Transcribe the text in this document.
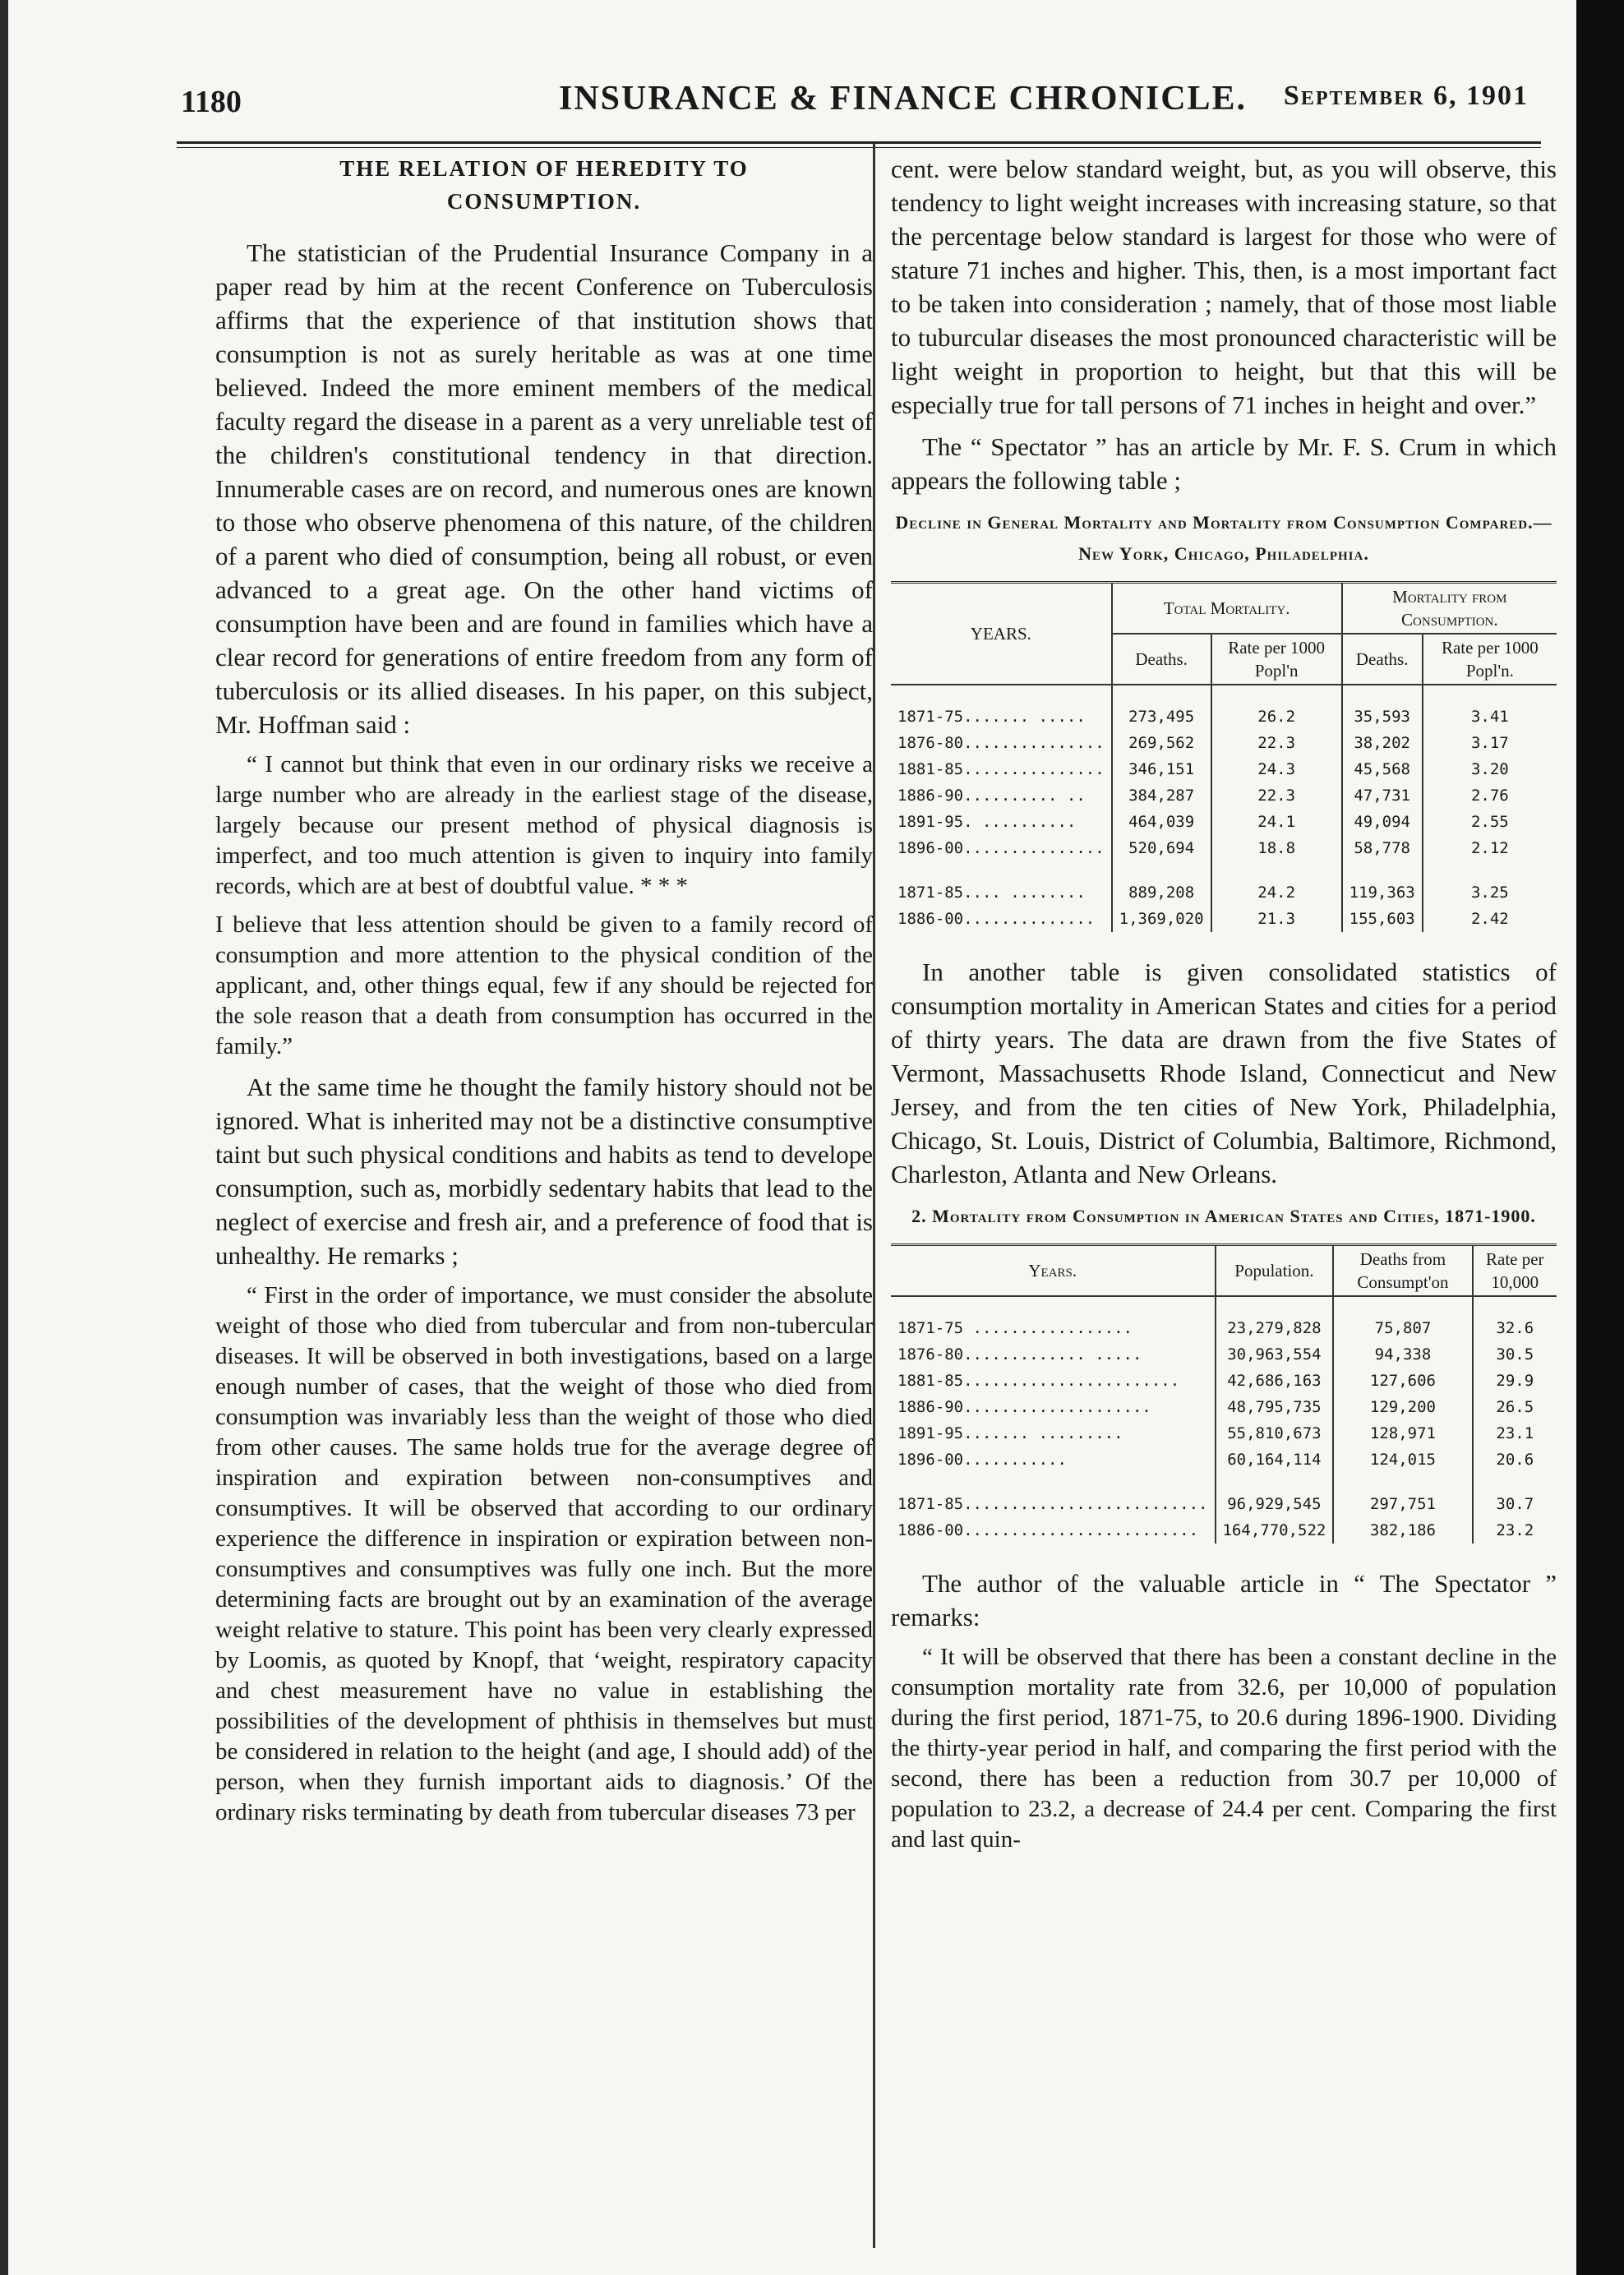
1180	INSURANCE & FINANCE CHRONICLE. September 6, 1901
THE RELATION OF HEREDITY TO
CONSUMPTION.

The statistician of the Prudential Insurance Company in a paper read by him at the recent Conference on Tuberculosis affirms that the experience of that institution shows that consumption is not as surely heritable as was at one time believed. Indeed the more eminent members of the medical faculty regard the disease in a parent as a very unreliable test of the children's constitutional tendency in that direction. Innumerable cases are on record, and numerous ones are known to those who observe phenomena of this nature, of the children of a parent who died of consumption, being all robust, or even advanced to a great age. On the other hand victims of consumption have been and are found in families which have a clear record for generations of entire freedom from any form of tuberculosis or its allied diseases. In his paper, on this subject, Mr. Hoffman said :

“ I cannot but think that even in our ordinary risks we receive a large number who are already in the earliest stage of the disease, largely because our present method of physical diagnosis is imperfect, and too much attention is given to inquiry into family records, which are at best of doubtful value. * * *

I believe that less attention should be given to a family record of consumption and more attention to the physical condition of the applicant, and, other things equal, few if any should be rejected for the sole reason that a death from consumption has occurred in the family.”

At the same time he thought the family history should not be ignored. What is inherited may not be a distinctive consumptive taint but such physical conditions and habits as tend to develope consumption, such as, morbidly sedentary habits that lead to the neglect of exercise and fresh air, and a preference of food that is unhealthy. He remarks ;

“ First in the order of importance, we must consider the absolute weight of those who died from tubercular and from non-tubercular diseases. It will be observed in both investigations, based on a large enough number of cases, that the weight of those who died from consumption was invariably less than the weight of those who died from other causes. The same holds true for the average degree of inspiration and expiration between non-consumptives and consumptives. It will be observed that according to our ordinary experience the difference in inspiration or expiration between non-consumptives and consumptives was fully one inch. But the more determining facts are brought out by an examination of the average weight relative to stature. This point has been very clearly expressed by Loomis, as quoted by Knopf, that ‘weight, respiratory capacity and chest measurement have no value in establishing the possibilities of the development of phthisis in themselves but must be considered in relation to the height (and age, I should add) of the person, when they furnish important aids to diagnosis.’ Of the ordinary risks terminating by death from tubercular diseases 73 per

cent. were below standard weight, but, as you will observe, this tendency to light weight increases with increasing stature, so that the percentage below standard is largest for those who were of stature 71 inches and higher. This, then, is a most important fact to be taken into consideration ; namely, that of those most liable to tuburcular diseases the most pronounced characteristic will be light weight in proportion to height, but that this will be especially true for tall persons of 71 inches in height and over.”

The “ Spectator ” has an article by Mr. F. S. Crum in which appears the following table ;

Decline in General Mortality and Mortality from Consumption Compared.—New York, Chicago, Philadelphia.
YEARS.	Total Mortality.		Mortality from Consumption.	
	Deaths.	Rate per 1000 Popl'n	Deaths.	Rate per 1000 Popl'n.

1871-75....... .....	273,495	26.2	35,593	3.41
1876-80...............	269,562	22.3	38,202	3.17
1881-85...............	346,151	24.3	45,568	3.20
1886-90.......... ..	384,287	22.3	47,731	2.76
1891-95. ..........	464,039	24.1	49,094	2.55
1896-00...............	520,694	18.8	58,778	2.12

1871-85.... ........	889,208	24.2	119,363	3.25
1886-00..............	1,369,020	21.3	155,603	2.42

In another table is given consolidated statistics of consumption mortality in American States and cities for a period of thirty years. The data are drawn from the five States of Vermont, Massachusetts Rhode Island, Connecticut and New Jersey, and from the ten cities of New York, Philadelphia, Chicago, St. Louis, District of Columbia, Baltimore, Richmond, Charleston, Atlanta and New Orleans.

2. Mortality from Consumption in American States and Cities, 1871-1900.
Years.	Population.	Deaths from Consumpt'on	Rate per 10,000

1871-75 .................	23,279,828	75,807	32.6
1876-80............. .....	30,963,554	94,338	30.5
1881-85.......................	42,686,163	127,606	29.9
1886-90....................	48,795,735	129,200	26.5
1891-95....... .........	55,810,673	128,971	23.1
1896-00...........	60,164,114	124,015	20.6

1871-85..........................	96,929,545	297,751	30.7
1886-00.........................	164,770,522	382,186	23.2

The author of the valuable article in “ The Spectator ” remarks:

“ It will be observed that there has been a constant decline in the consumption mortality rate from 32.6, per 10,000 of population during the first period, 1871-75, to 20.6 during 1896-1900. Dividing the thirty-year period in half, and comparing the first period with the second, there has been a reduction from 30.7 per 10,000 of population to 23.2, a decrease of 24.4 per cent. Comparing the first and last quin-
